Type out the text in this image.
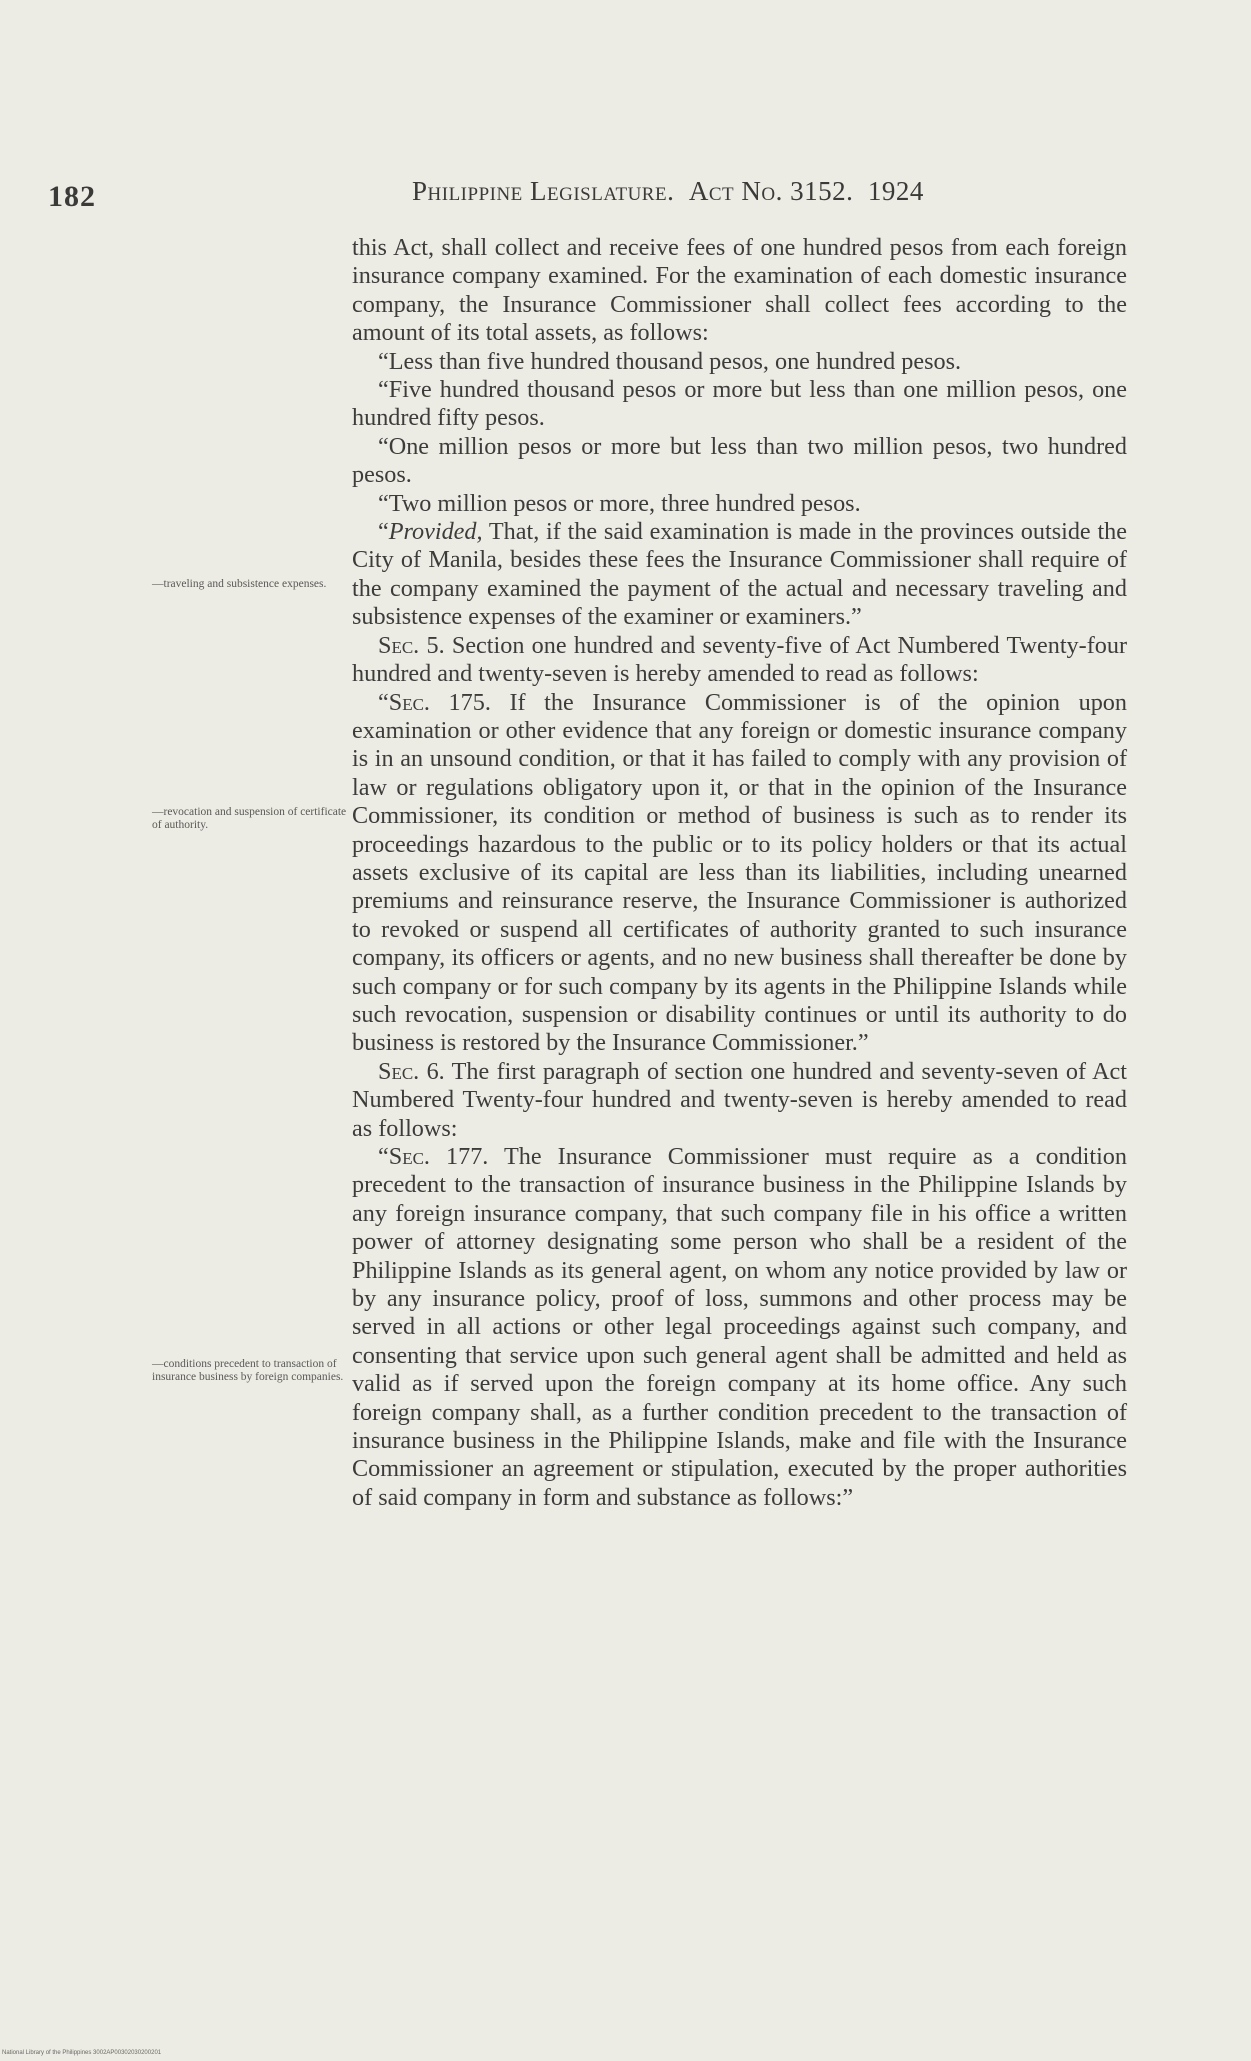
182	Philippine Legislature. Act No. 3152. 1924
—traveling and subsistence expenses.
—revocation and suspension of certificate of authority.
—conditions precedent to transaction of insurance business by foreign companies.

this Act, shall collect and receive fees of one hundred pesos from each foreign insurance company examined. For the examination of each domestic insurance company, the Insurance Commissioner shall collect fees according to the amount of its total assets, as follows:

“Less than five hundred thousand pesos, one hundred pesos.

“Five hundred thousand pesos or more but less than one million pesos, one hundred fifty pesos.

“One million pesos or more but less than two million pesos, two hundred pesos.

“Two million pesos or more, three hundred pesos.

“Provided, That, if the said examination is made in the provinces outside the City of Manila, besides these fees the Insurance Commissioner shall require of the company examined the payment of the actual and necessary traveling and subsistence expenses of the examiner or examiners.”

Sec. 5. Section one hundred and seventy-five of Act Numbered Twenty-four hundred and twenty-seven is hereby amended to read as follows:

“Sec. 175. If the Insurance Commissioner is of the opinion upon examination or other evidence that any foreign or domestic insurance company is in an unsound condition, or that it has failed to comply with any provision of law or regulations obligatory upon it, or that in the opinion of the Insurance Commissioner, its condition or method of business is such as to render its proceedings hazardous to the public or to its policy holders or that its actual assets exclusive of its capital are less than its liabilities, including unearned premiums and reinsurance reserve, the Insurance Commissioner is authorized to revoked or suspend all certificates of authority granted to such insurance company, its officers or agents, and no new business shall thereafter be done by such company or for such company by its agents in the Philippine Islands while such revocation, suspension or disability continues or until its authority to do business is restored by the Insurance Commissioner.”

Sec. 6. The first paragraph of section one hundred and seventy-seven of Act Numbered Twenty-four hundred and twenty-seven is hereby amended to read as follows:

“Sec. 177. The Insurance Commissioner must require as a condition precedent to the transaction of insurance business in the Philippine Islands by any foreign insurance company, that such company file in his office a written power of attorney designating some person who shall be a resident of the Philippine Islands as its general agent, on whom any notice provided by law or by any insurance policy, proof of loss, summons and other process may be served in all actions or other legal proceedings against such company, and consenting that service upon such general agent shall be admitted and held as valid as if served upon the foreign company at its home office. Any such foreign company shall, as a further condition precedent to the transaction of insurance business in the Philippine Islands, make and file with the Insurance Commissioner an agreement or stipulation, executed by the proper authorities of said company in form and substance as follows:”

National Library of the Philippines 3002AP00302030200201
